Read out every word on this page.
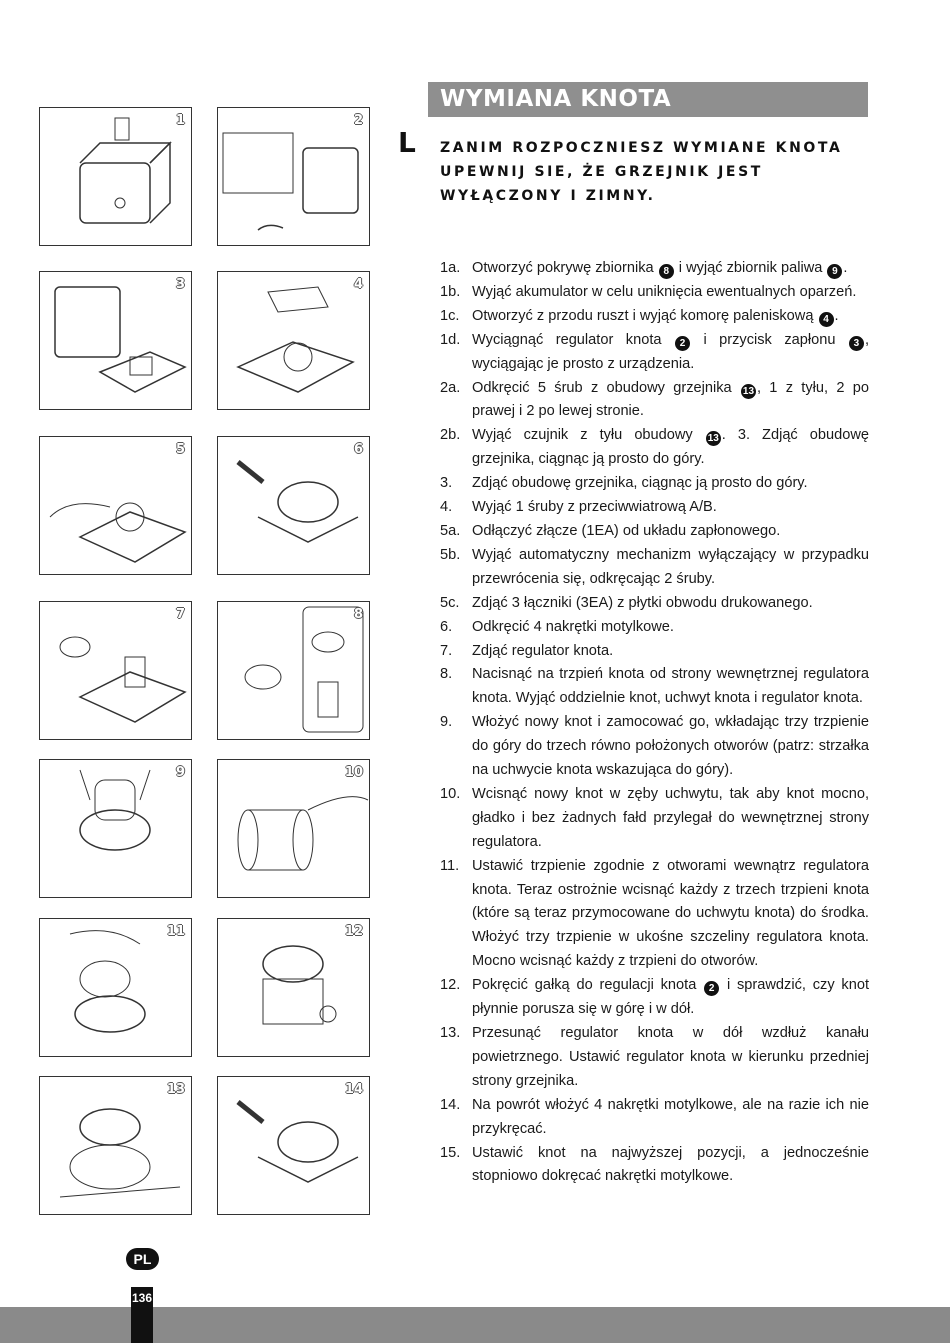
WYMIANA KNOTA
L ZANIM ROZPOCZNIESZ WYMIANE KNOTA
UPEWNIJ SIE, ŻE GRZEJNIK JEST
WYŁĄCZONY I ZIMNY.
1a. Otworzyć pokrywę zbiornika 8 i wyjąć zbiornik paliwa 9 .
1b. Wyjąć akumulator w celu uniknięcia ewentualnych oparzeń.
1c. Otworzyć z przodu ruszt i wyjąć komorę paleniskową 4 .
1d. Wyciągnąć regulator knota 2 i przycisk zapłonu 3 , wyciągając je prosto z urządzenia.
2a. Odkręcić 5 śrub z obudowy grzejnika 13 , 1 z tyłu, 2 po prawej i 2 po lewej stronie.
2b. Wyjąć czujnik z tyłu obudowy 13 . 3. Zdjąć obudowę grzejnika, ciągnąc ją prosto do góry.
3. Zdjąć obudowę grzejnika, ciągnąc ją prosto do góry.
4. Wyjąć 1 śruby z przeciwwiatrową A/B.
5a. Odłączyć złącze (1EA) od układu zapłonowego.
5b. Wyjąć automatyczny mechanizm wyłączający w przypadku przewrócenia się, odkręcając 2 śruby.
5c. Zdjąć 3 łączniki (3EA) z płytki obwodu drukowanego.
6. Odkręcić 4 nakrętki motylkowe.
7. Zdjąć regulator knota.
8. Nacisnąć na trzpień knota od strony wewnętrznej regulatora knota. Wyjąć oddzielnie knot, uchwyt knota i regulator knota.
9. Włożyć nowy knot i zamocować go, wkładając trzy trzpienie do góry do trzech równo położonych otworów (patrz: strzałka na uchwycie knota wskazująca do góry).
10. Wcisnąć nowy knot w zęby uchwytu, tak aby knot mocno, gładko i bez żadnych fałd przylegał do wewnętrznej strony regulatora.
11. Ustawić trzpienie zgodnie z otworami wewnątrz regulatora knota. Teraz ostrożnie wcisnąć każdy z trzech trzpieni knota (które są teraz przymocowane do uchwytu knota) do środka. Włożyć trzy trzpienie w ukośne szczeliny regulatora knota. Mocno wcisnąć każdy z trzpieni do otworów.
12. Pokręcić gałką do regulacji knota 2 i sprawdzić, czy knot płynnie porusza się w górę i w dół.
13. Przesunąć regulator knota w dół wzdłuż kanału powietrznego. Ustawić regulator knota w kierunku przedniej strony grzejnika.
14. Na powrót włożyć 4 nakrętki motylkowe, ale na razie ich nie przykręcać.
15. Ustawić knot na najwyższej pozycji, a jednocześnie stopniowo dokręcać nakrętki motylkowe.
1	2
3	4
5	6
7	8
9	10
11	12
13	14
PL
136
